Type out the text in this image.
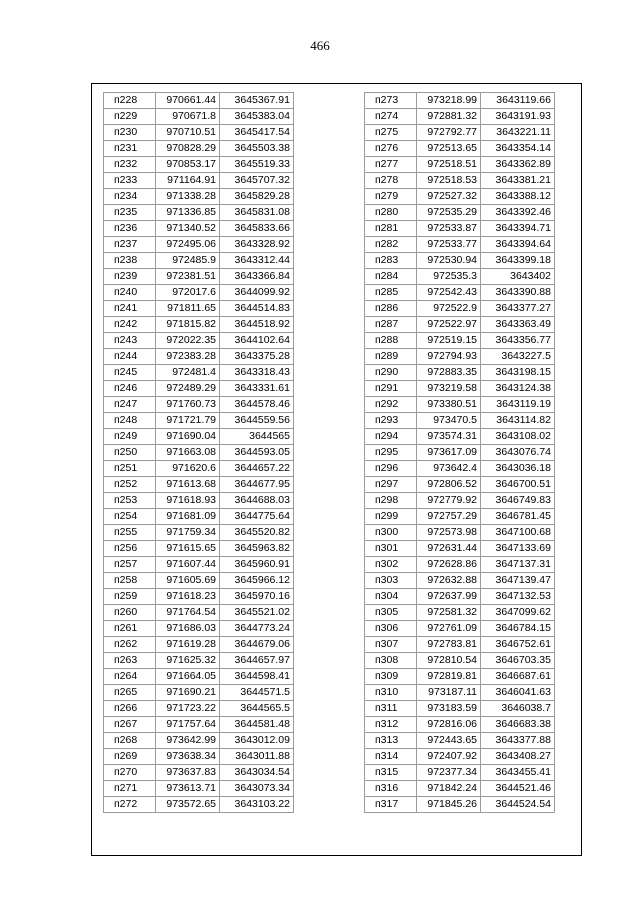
466
п228	970661.44	3645367.91
п229	970671.8	3645383.04
п230	970710.51	3645417.54
п231	970828.29	3645503.38
п232	970853.17	3645519.33
п233	971164.91	3645707.32
п234	971338.28	3645829.28
п235	971336.85	3645831.08
п236	971340.52	3645833.66
п237	972495.06	3643328.92
п238	972485.9	3643312.44
п239	972381.51	3643366.84
п240	972017.6	3644099.92
п241	971811.65	3644514.83
п242	971815.82	3644518.92
п243	972022.35	3644102.64
п244	972383.28	3643375.28
п245	972481.4	3643318.43
п246	972489.29	3643331.61
п247	971760.73	3644578.46
п248	971721.79	3644559.56
п249	971690.04	3644565
п250	971663.08	3644593.05
п251	971620.6	3644657.22
п252	971613.68	3644677.95
п253	971618.93	3644688.03
п254	971681.09	3644775.64
п255	971759.34	3645520.82
п256	971615.65	3645963.82
п257	971607.44	3645960.91
п258	971605.69	3645966.12
п259	971618.23	3645970.16
п260	971764.54	3645521.02
п261	971686.03	3644773.24
п262	971619.28	3644679.06
п263	971625.32	3644657.97
п264	971664.05	3644598.41
п265	971690.21	3644571.5
п266	971723.22	3644565.5
п267	971757.64	3644581.48
п268	973642.99	3643012.09
п269	973638.34	3643011.88
п270	973637.83	3643034.54
п271	973613.71	3643073.34
п272	973572.65	3643103.22
п273	973218.99	3643119.66
п274	972881.32	3643191.93
п275	972792.77	3643221.11
п276	972513.65	3643354.14
п277	972518.51	3643362.89
п278	972518.53	3643381.21
п279	972527.32	3643388.12
п280	972535.29	3643392.46
п281	972533.87	3643394.71
п282	972533.77	3643394.64
п283	972530.94	3643399.18
п284	972535.3	3643402
п285	972542.43	3643390.88
п286	972522.9	3643377.27
п287	972522.97	3643363.49
п288	972519.15	3643356.77
п289	972794.93	3643227.5
п290	972883.35	3643198.15
п291	973219.58	3643124.38
п292	973380.51	3643119.19
п293	973470.5	3643114.82
п294	973574.31	3643108.02
п295	973617.09	3643076.74
п296	973642.4	3643036.18
п297	972806.52	3646700.51
п298	972779.92	3646749.83
п299	972757.29	3646781.45
п300	972573.98	3647100.68
п301	972631.44	3647133.69
п302	972628.86	3647137.31
п303	972632.88	3647139.47
п304	972637.99	3647132.53
п305	972581.32	3647099.62
п306	972761.09	3646784.15
п307	972783.81	3646752.61
п308	972810.54	3646703.35
п309	972819.81	3646687.61
п310	973187.11	3646041.63
п311	973183.59	3646038.7
п312	972816.06	3646683.38
п313	972443.65	3643377.88
п314	972407.92	3643408.27
п315	972377.34	3643455.41
п316	971842.24	3644521.46
п317	971845.26	3644524.54
